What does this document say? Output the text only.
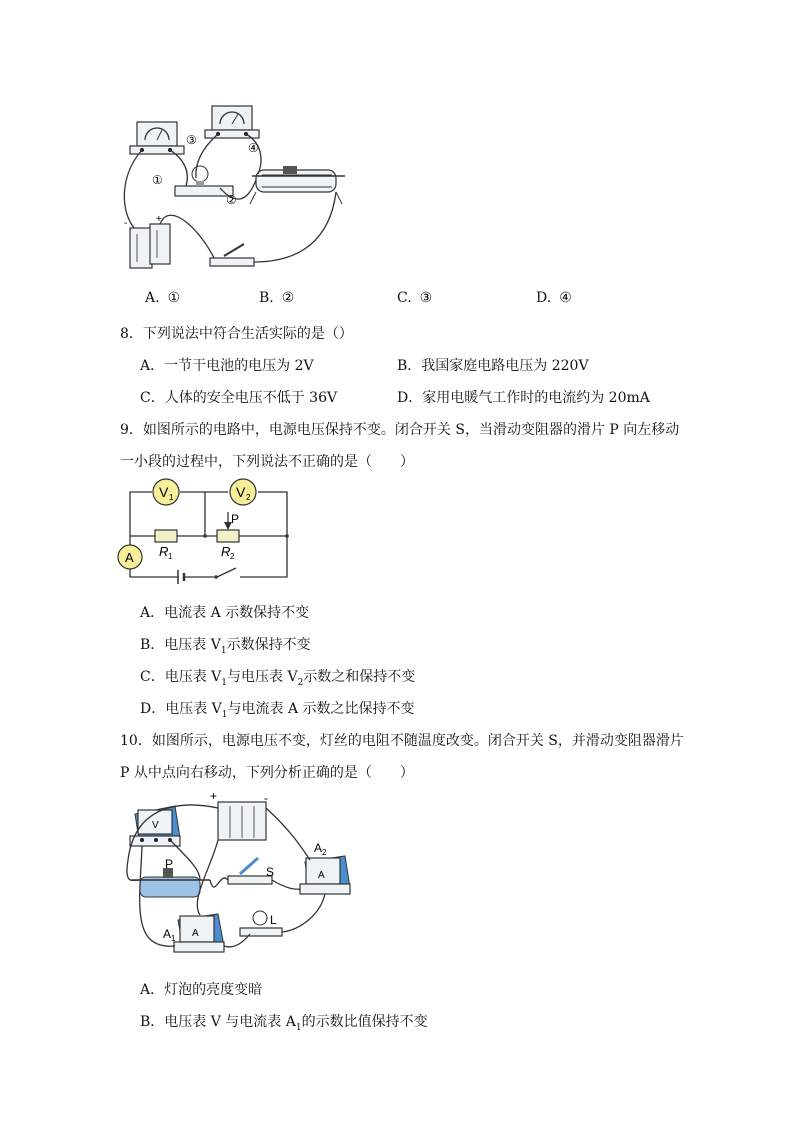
①
②
③
④
-	+
A. ①	B. ②	C. ③	D. ④
8．下列说法中符合生活实际的是（）
A．一节干电池的电压为 2V	B．我国家庭电路电压为 220V
C．人体的安全电压不低于 36V	D．家用电暖气工作时的电流约为 20mA
9．如图所示的电路中，电源电压保持不变。闭合开关 S，当滑动变阻器的滑片 P 向左移动
一小段的过程中，下列说法不正确的是（　　）
V 1	V 2
P
R 1	R 2
A
A．电流表 A 示数保持不变
B．电压表 $V_1$示数保持不变
C．电压表 $V_1$与电压表 $V_2$示数之和保持不变
D．电压表 $V_1$与电流表 A 示数之比保持不变
10．如图所示，电源电压不变，灯丝的电阻不随温度改变。闭合开关 S，并滑动变阻器滑片
P 从中点向右移动，下列分析正确的是（　　）
+	-
V
P
S
A 2
A
A 1 A
L
A．灯泡的亮度变暗
B．电压表 V 与电流表 $A_1$的示数比值保持不变
